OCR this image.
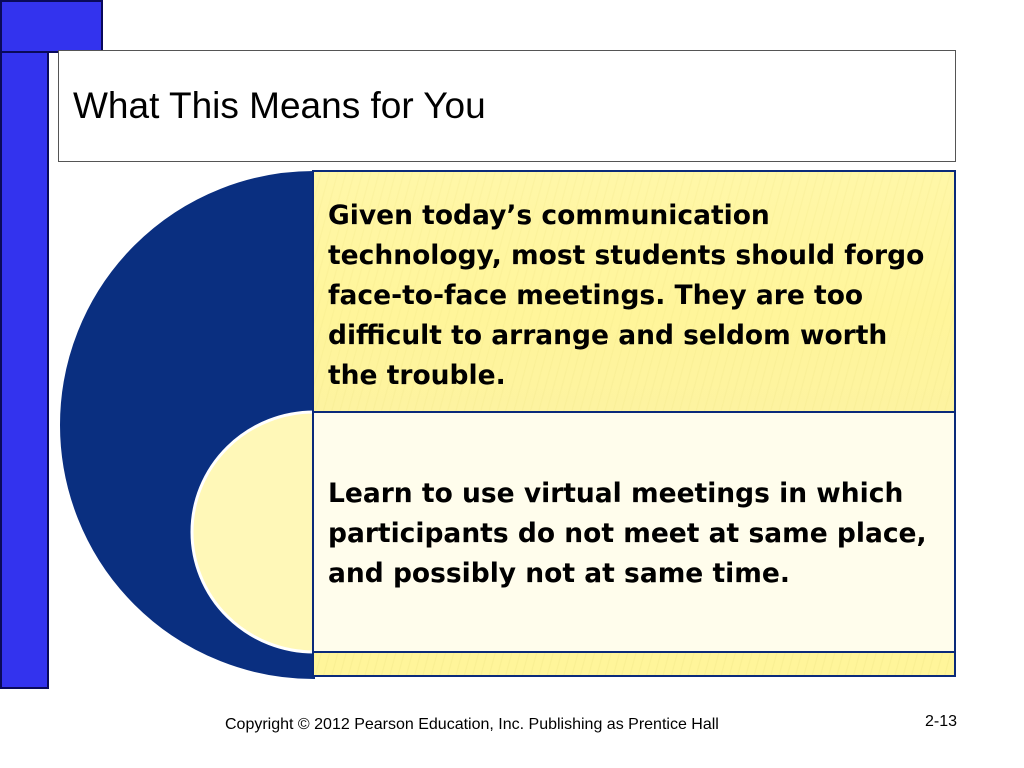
What This Means for You
Given today’s communication technology, most students should forgo face-to-face meetings. They are too difficult to arrange and seldom worth the trouble.
Learn to use virtual meetings in which participants do not meet at same place, and possibly not at same time.
Copyright © 2012 Pearson Education, Inc. Publishing as Prentice Hall	2-13
